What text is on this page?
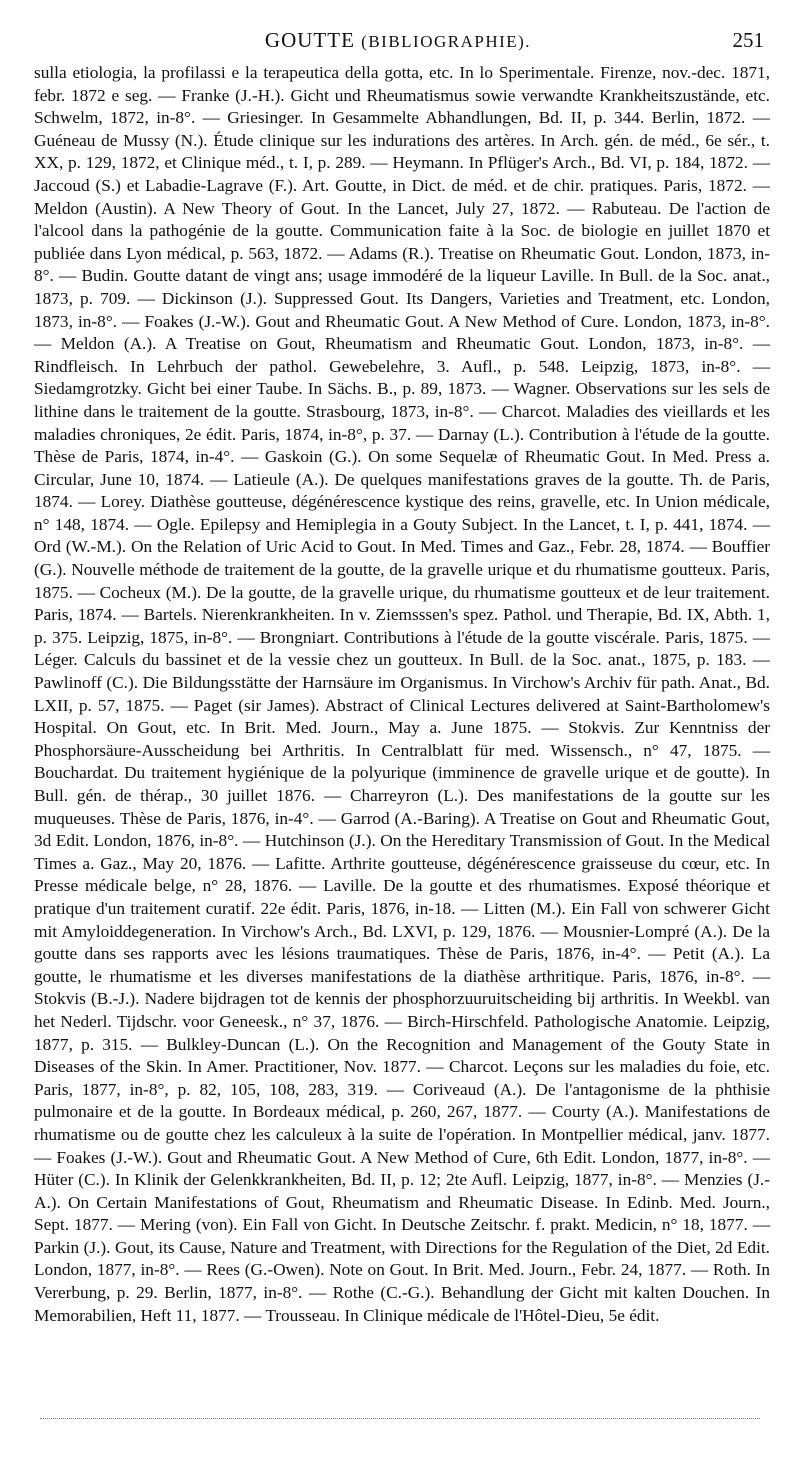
GOUTTE (BIBLIOGRAPHIE).	251

sulla etiologia, la profilassi e la terapeutica della gotta, etc. In lo Sperimentale. Firenze, nov.-dec. 1871, febr. 1872 e seg. — Franke (J.-H.). Gicht und Rheumatismus sowie verwandte Krankheitszustände, etc. Schwelm, 1872, in-8°. — Griesinger. In Gesammelte Abhandlungen, Bd. II, p. 344. Berlin, 1872. — Guéneau de Mussy (N.). Étude clinique sur les indurations des artères. In Arch. gén. de méd., 6e sér., t. XX, p. 129, 1872, et Clinique méd., t. I, p. 289. — Heymann. In Pflüger's Arch., Bd. VI, p. 184, 1872. — Jaccoud (S.) et Labadie-Lagrave (F.). Art. Goutte, in Dict. de méd. et de chir. pratiques. Paris, 1872. — Meldon (Austin). A New Theory of Gout. In the Lancet, July 27, 1872. — Rabuteau. De l'action de l'alcool dans la pathogénie de la goutte. Communication faite à la Soc. de biologie en juillet 1870 et publiée dans Lyon médical, p. 563, 1872. — Adams (R.). Treatise on Rheumatic Gout. London, 1873, in-8°. — Budin. Goutte datant de vingt ans; usage immodéré de la liqueur Laville. In Bull. de la Soc. anat., 1873, p. 709. — Dickinson (J.). Suppressed Gout. Its Dangers, Varieties and Treatment, etc. London, 1873, in-8°. — Foakes (J.-W.). Gout and Rheumatic Gout. A New Method of Cure. London, 1873, in-8°. — Meldon (A.). A Treatise on Gout, Rheumatism and Rheumatic Gout. London, 1873, in-8°. — Rindfleisch. In Lehrbuch der pathol. Gewebelehre, 3. Aufl., p. 548. Leipzig, 1873, in-8°. — Siedamgrotzky. Gicht bei einer Taube. In Sächs. B., p. 89, 1873. — Wagner. Observations sur les sels de lithine dans le traitement de la goutte. Strasbourg, 1873, in-8°. — Charcot. Maladies des vieillards et les maladies chroniques, 2e édit. Paris, 1874, in-8°, p. 37. — Darnay (L.). Contribution à l'étude de la goutte. Thèse de Paris, 1874, in-4°. — Gaskoin (G.). On some Sequelæ of Rheumatic Gout. In Med. Press a. Circular, June 10, 1874. — Latieule (A.). De quelques manifestations graves de la goutte. Th. de Paris, 1874. — Lorey. Diathèse goutteuse, dégénérescence kystique des reins, gravelle, etc. In Union médicale, n° 148, 1874. — Ogle. Epilepsy and Hemiplegia in a Gouty Subject. In the Lancet, t. I, p. 441, 1874. — Ord (W.-M.). On the Relation of Uric Acid to Gout. In Med. Times and Gaz., Febr. 28, 1874. — Bouffier (G.). Nouvelle méthode de traitement de la goutte, de la gravelle urique et du rhumatisme goutteux. Paris, 1875. — Cocheux (M.). De la goutte, de la gravelle urique, du rhumatisme goutteux et de leur traitement. Paris, 1874. — Bartels. Nierenkrankheiten. In v. Ziemsssen's spez. Pathol. und Therapie, Bd. IX, Abth. 1, p. 375. Leipzig, 1875, in-8°. — Brongniart. Contributions à l'étude de la goutte viscérale. Paris, 1875. — Léger. Calculs du bassinet et de la vessie chez un goutteux. In Bull. de la Soc. anat., 1875, p. 183. — Pawlinoff (C.). Die Bildungsstätte der Harnsäure im Organismus. In Virchow's Archiv für path. Anat., Bd. LXII, p. 57, 1875. — Paget (sir James). Abstract of Clinical Lectures delivered at Saint-Bartholomew's Hospital. On Gout, etc. In Brit. Med. Journ., May a. June 1875. — Stokvis. Zur Kenntniss der Phosphorsäure-Ausscheidung bei Arthritis. In Centralblatt für med. Wissensch., n° 47, 1875. — Bouchardat. Du traitement hygiénique de la polyurique (imminence de gravelle urique et de goutte). In Bull. gén. de thérap., 30 juillet 1876. — Charreyron (L.). Des manifestations de la goutte sur les muqueuses. Thèse de Paris, 1876, in-4°. — Garrod (A.-Baring). A Treatise on Gout and Rheumatic Gout, 3d Edit. London, 1876, in-8°. — Hutchinson (J.). On the Hereditary Transmission of Gout. In the Medical Times a. Gaz., May 20, 1876. — Lafitte. Arthrite goutteuse, dégénérescence graisseuse du cœur, etc. In Presse médicale belge, n° 28, 1876. — Laville. De la goutte et des rhumatismes. Exposé théorique et pratique d'un traitement curatif. 22e édit. Paris, 1876, in-18. — Litten (M.). Ein Fall von schwerer Gicht mit Amyloiddegeneration. In Virchow's Arch., Bd. LXVI, p. 129, 1876. — Mousnier-Lompré (A.). De la goutte dans ses rapports avec les lésions traumatiques. Thèse de Paris, 1876, in-4°. — Petit (A.). La goutte, le rhumatisme et les diverses manifestations de la diathèse arthritique. Paris, 1876, in-8°. — Stokvis (B.-J.). Nadere bijdragen tot de kennis der phosphorzuuruitscheiding bij arthritis. In Weekbl. van het Nederl. Tijdschr. voor Geneesk., n° 37, 1876. — Birch-Hirschfeld. Pathologische Anatomie. Leipzig, 1877, p. 315. — Bulkley-Duncan (L.). On the Recognition and Management of the Gouty State in Diseases of the Skin. In Amer. Practitioner, Nov. 1877. — Charcot. Leçons sur les maladies du foie, etc. Paris, 1877, in-8°, p. 82, 105, 108, 283, 319. — Coriveaud (A.). De l'antagonisme de la phthisie pulmonaire et de la goutte. In Bordeaux médical, p. 260, 267, 1877. — Courty (A.). Manifestations de rhumatisme ou de goutte chez les calculeux à la suite de l'opération. In Montpellier médical, janv. 1877. — Foakes (J.-W.). Gout and Rheumatic Gout. A New Method of Cure, 6th Edit. London, 1877, in-8°. — Hüter (C.). In Klinik der Gelenkkrankheiten, Bd. II, p. 12; 2te Aufl. Leipzig, 1877, in-8°. — Menzies (J.-A.). On Certain Manifestations of Gout, Rheumatism and Rheumatic Disease. In Edinb. Med. Journ., Sept. 1877. — Mering (von). Ein Fall von Gicht. In Deutsche Zeitschr. f. prakt. Medicin, n° 18, 1877. — Parkin (J.). Gout, its Cause, Nature and Treatment, with Directions for the Regulation of the Diet, 2d Edit. London, 1877, in-8°. — Rees (G.-Owen). Note on Gout. In Brit. Med. Journ., Febr. 24, 1877. — Roth. In Vererbung, p. 29. Berlin, 1877, in-8°. — Rothe (C.-G.). Behandlung der Gicht mit kalten Douchen. In Memorabilien, Heft 11, 1877. — Trousseau. In Clinique médicale de l'Hôtel-Dieu, 5e édit.
